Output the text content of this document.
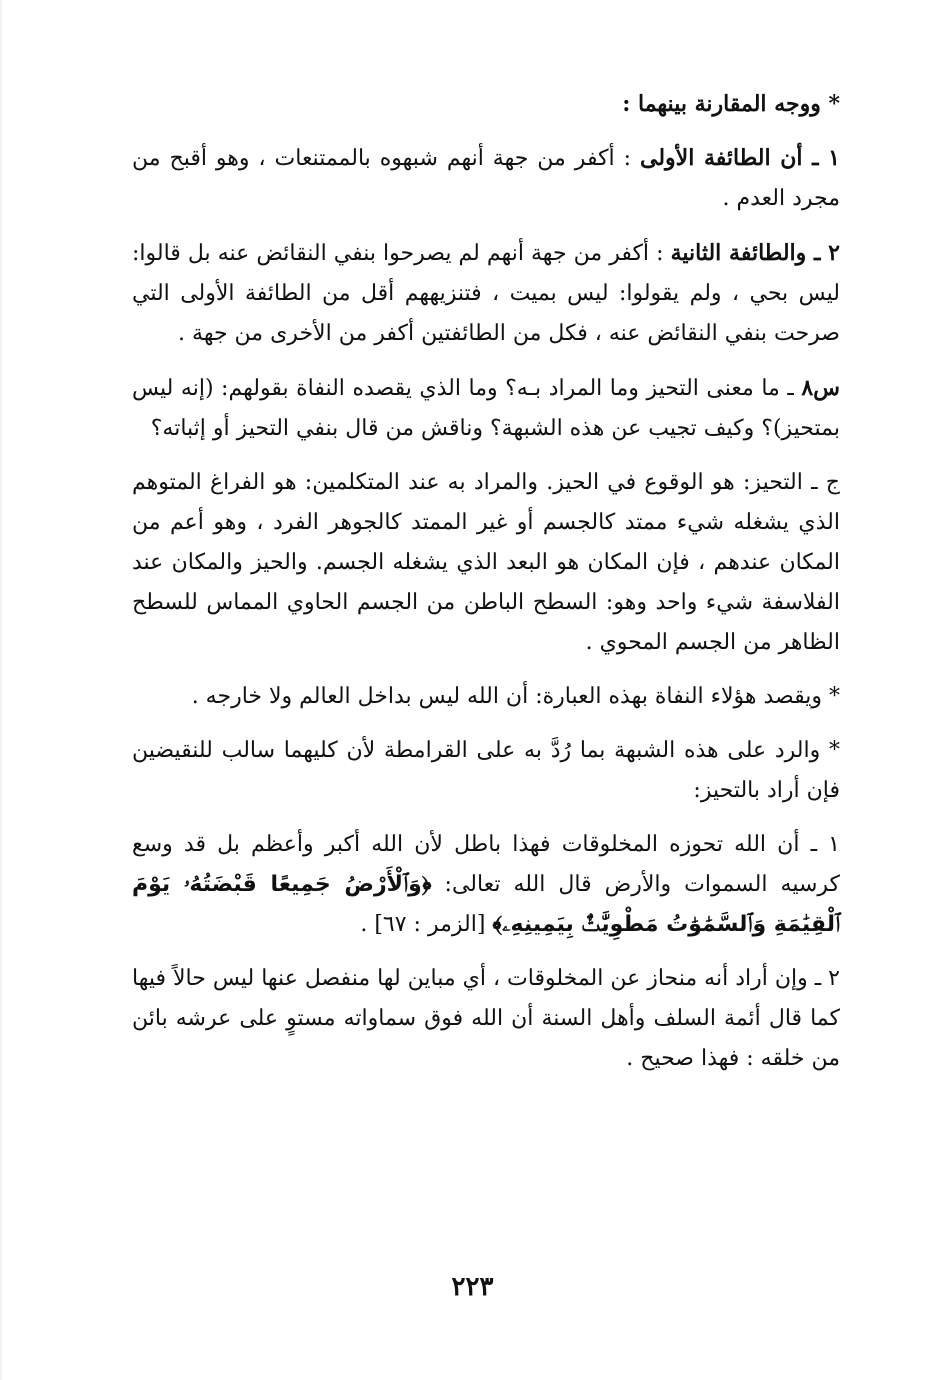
* ووجه المقارنة بينهما :

١ ـ أن الطائفة الأولى : أكفر من جهة أنهم شبهوه بالممتنعات ، وهو أقبح من مجرد العدم .

٢ ـ والطائفة الثانية : أكفر من جهة أنهم لم يصرحوا بنفي النقائض عنه بل قالوا: ليس بحي ، ولم يقولوا: ليس بميت ، فتنزيههم أقل من الطائفة الأولى التي صرحت بنفي النقائض عنه ، فكل من الطائفتين أكفر من الأخرى من جهة .

س٨ ـ ما معنى التحيز وما المراد بـه؟ وما الذي يقصده النفاة بقولهم: (إنه ليس بمتحيز)؟ وكيف تجيب عن هذه الشبهة؟ وناقش من قال بنفي التحيز أو إثباته؟

ج ـ التحيز: هو الوقوع في الحيز. والمراد به عند المتكلمين: هو الفراغ المتوهم الذي يشغله شيء ممتد كالجسم أو غير الممتد كالجوهر الفرد ، وهو أعم من المكان عندهم ، فإن المكان هو البعد الذي يشغله الجسم. والحيز والمكان عند الفلاسفة شيء واحد وهو: السطح الباطن من الجسم الحاوي المماس للسطح الظاهر من الجسم المحوي .

* ويقصد هؤلاء النفاة بهذه العبارة: أن الله ليس بداخل العالم ولا خارجه .

* والرد على هذه الشبهة بما رُدَّ به على القرامطة لأن كليهما سالب للنقيضين فإن أراد بالتحيز:

١ ـ أن الله تحوزه المخلوقات فهذا باطل لأن الله أكبر وأعظم بل قد وسع كرسيه السموات والأرض قال الله تعالى: ﴿وَٱلْأَرْضُ جَمِيعًا قَبْضَتُهُۥ يَوْمَ ٱلْقِيَٰمَةِ وَٱلسَّمَٰوَٰتُ مَطْوِيَّٰتٌۢ بِيَمِينِهِۦ﴾ [الزمر : ٦٧] .

٢ ـ وإن أراد أنه منحاز عن المخلوقات ، أي مباين لها منفصل عنها ليس حالاً فيها كما قال أئمة السلف وأهل السنة أن الله فوق سماواته مستوٍ على عرشه بائن من خلقه : فهذا صحيح .

٢٢٣
